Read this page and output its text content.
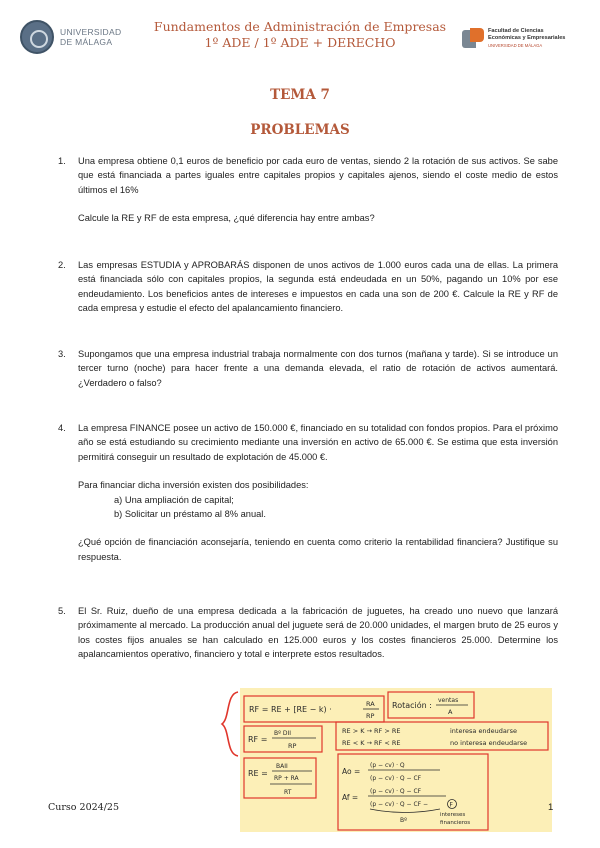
UNIVERSIDAD
DE MÁLAGA
Fundamentos de Administración de Empresas
1º ADE / 1º ADE + DERECHO
Facultad de Ciencias
Económicas y Empresariales
UNIVERSIDAD DE MÁLAGA
TEMA 7
PROBLEMAS
1. Una empresa obtiene 0,1 euros de beneficio por cada euro de ventas, siendo 2 la rotación de sus activos. Se sabe que está financiada a partes iguales entre capitales propios y capitales ajenos, siendo el coste medio de estos últimos el 16%
Calcule la RE y RF de esta empresa, ¿qué diferencia hay entre ambas?
2. Las empresas ESTUDIA y APROBARÁS disponen de unos activos de 1.000 euros cada una de ellas. La primera está financiada sólo con capitales propios, la segunda está endeudada en un 50%, pagando un 10% por ese endeudamiento. Los beneficios antes de intereses e impuestos en cada una son de 200 €. Calcule la RE y RF de cada empresa y estudie el efecto del apalancamiento financiero.
3. Supongamos que una empresa industrial trabaja normalmente con dos turnos (mañana y tarde). Si se introduce un tercer turno (noche) para hacer frente a una demanda elevada, el ratio de rotación de activos aumentará. ¿Verdadero o falso?
4. La empresa FINANCE posee un activo de 150.000 €, financiado en su totalidad con fondos propios. Para el próximo año se está estudiando su crecimiento mediante una inversión en activo de 65.000 €. Se estima que esta inversión permitirá conseguir un resultado de explotación de 45.000 €.
Para financiar dicha inversión existen dos posibilidades:
a) Una ampliación de capital;
b) Solicitar un préstamo al 8% anual.
¿Qué opción de financiación aconsejaría, teniendo en cuenta como criterio la rentabilidad financiera? Justifique su respuesta.
5. El Sr. Ruiz, dueño de una empresa dedicada a la fabricación de juguetes, ha creado uno nuevo que lanzará próximamente al mercado. La producción anual del juguete será de 20.000 unidades, el margen bruto de 25 euros y los costes fijos anuales se han calculado en 125.000 euros y los costes financieros 25.000. Determine los apalancamientos operativo, financiero y total e interprete estos resultados.
RF = RE + [RE − k) ·
RA
RP
Rotación :
ventas
A
RF =
Bº DII
RP
RE > K → RF > RE	interesa endeudarse
RE < K → RF < RE	no interesa endeudarse
RE =
BAII
RP + RA
RT
Ao =
(p − cv) · Q
(p − cv) · Q − CF
Af =
(p − cv) · Q − CF
(p − cv) · Q − CF −	F
Bº
intereses
financieros
Curso 2024/25	1
